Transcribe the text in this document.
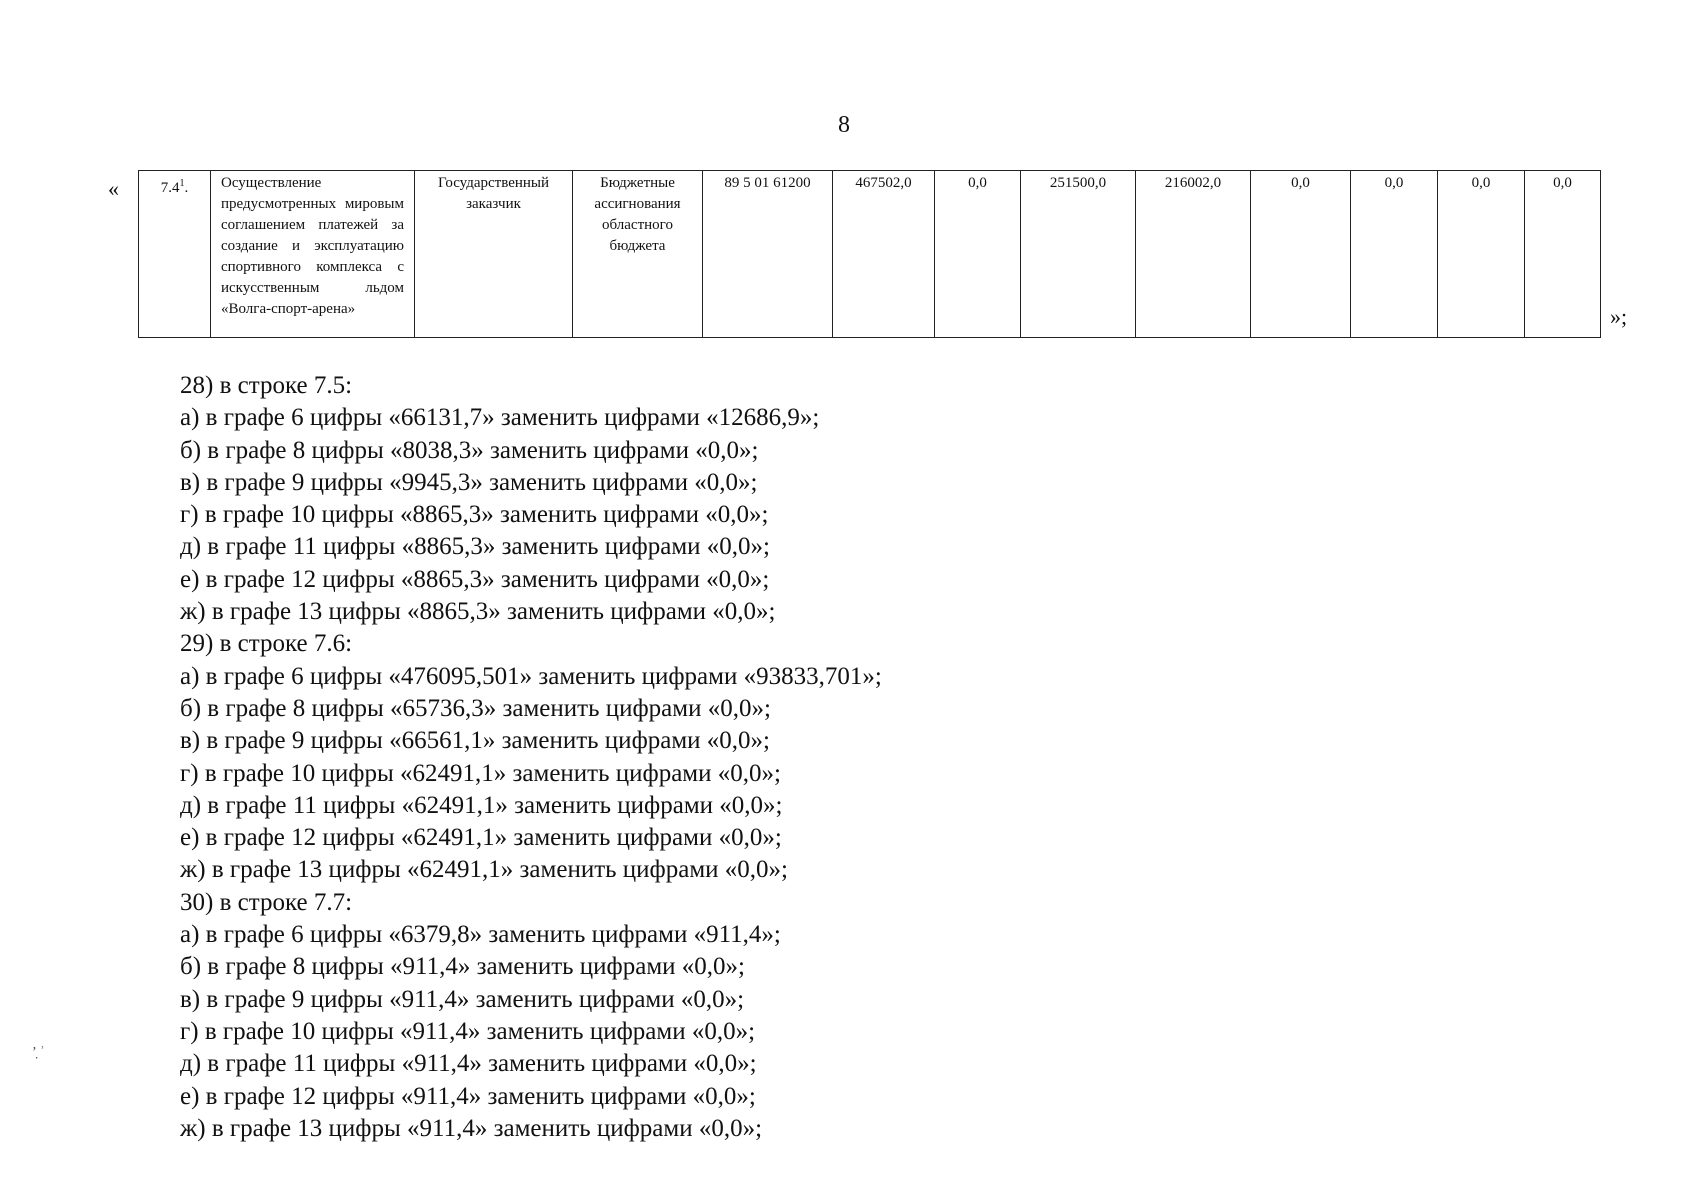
8
«	$7.4^1$.	Осуществление предусмотренных мировым соглашением платежей за создание и эксплуатацию спортивного комплекса с искусственным льдом «Волга-спорт-арена»	Государственный заказчик	Бюджетные ассигнования областного бюджета	89 5 01 61200	467502,0	0,0	251500,0	216002,0	0,0	0,0	0,0	0,0
»;
28) в строке 7.5:
а) в графе 6 цифры «66131,7» заменить цифрами «12686,9»;
б) в графе 8 цифры «8038,3» заменить цифрами «0,0»;
в) в графе 9 цифры «9945,3» заменить цифрами «0,0»;
г) в графе 10 цифры «8865,3» заменить цифрами «0,0»;
д) в графе 11 цифры «8865,3» заменить цифрами «0,0»;
е) в графе 12 цифры «8865,3» заменить цифрами «0,0»;
ж) в графе 13 цифры «8865,3» заменить цифрами «0,0»;
29) в строке 7.6:
а) в графе 6 цифры «476095,501» заменить цифрами «93833,701»;
б) в графе 8 цифры «65736,3» заменить цифрами «0,0»;
в) в графе 9 цифры «66561,1» заменить цифрами «0,0»;
г) в графе 10 цифры «62491,1» заменить цифрами «0,0»;
д) в графе 11 цифры «62491,1» заменить цифрами «0,0»;
е) в графе 12 цифры «62491,1» заменить цифрами «0,0»;
ж) в графе 13 цифры «62491,1» заменить цифрами «0,0»;
30) в строке 7.7:
а) в графе 6 цифры «6379,8» заменить цифрами «911,4»;
б) в графе 8 цифры «911,4» заменить цифрами «0,0»;
в) в графе 9 цифры «911,4» заменить цифрами «0,0»;
г) в графе 10 цифры «911,4» заменить цифрами «0,0»;
д) в графе 11 цифры «911,4» заменить цифрами «0,0»;
е) в графе 12 цифры «911,4» заменить цифрами «0,0»;
ж) в графе 13 цифры «911,4» заменить цифрами «0,0»;
ʼ̣ ʾ
